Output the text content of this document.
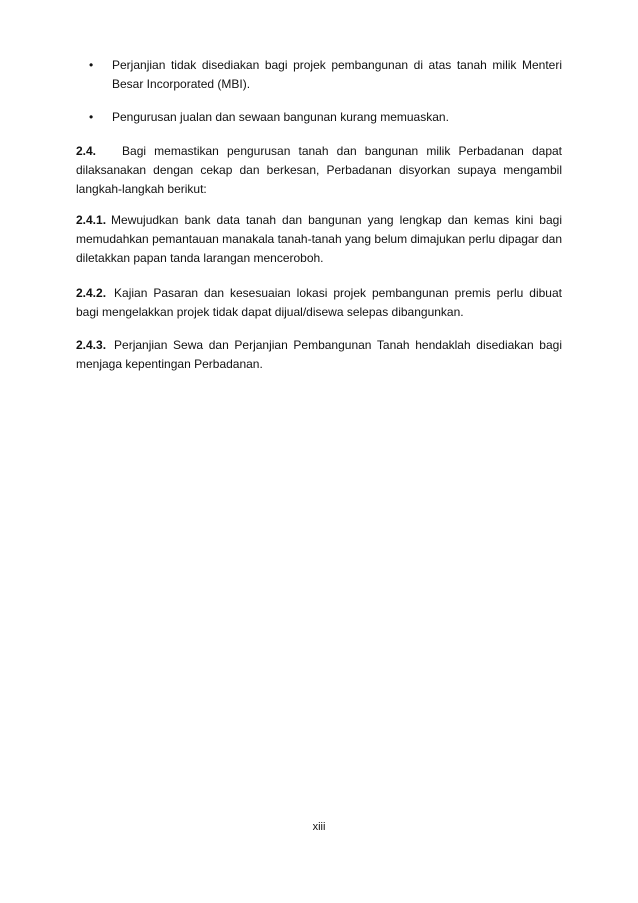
• Perjanjian tidak disediakan bagi projek pembangunan di atas tanah milik Menteri Besar Incorporated (MBI).
• Pengurusan jualan dan sewaan bangunan kurang memuaskan.

2.4. Bagi memastikan pengurusan tanah dan bangunan milik Perbadanan dapat dilaksanakan dengan cekap dan berkesan, Perbadanan disyorkan supaya mengambil langkah-langkah berikut:

2.4.1. Mewujudkan bank data tanah dan bangunan yang lengkap dan kemas kini bagi memudahkan pemantauan manakala tanah-tanah yang belum dimajukan perlu dipagar dan diletakkan papan tanda larangan menceroboh.

2.4.2. Kajian Pasaran dan kesesuaian lokasi projek pembangunan premis perlu dibuat bagi mengelakkan projek tidak dapat dijual/disewa selepas dibangunkan.

2.4.3. Perjanjian Sewa dan Perjanjian Pembangunan Tanah hendaklah disediakan bagi menjaga kepentingan Perbadanan.

xiii
